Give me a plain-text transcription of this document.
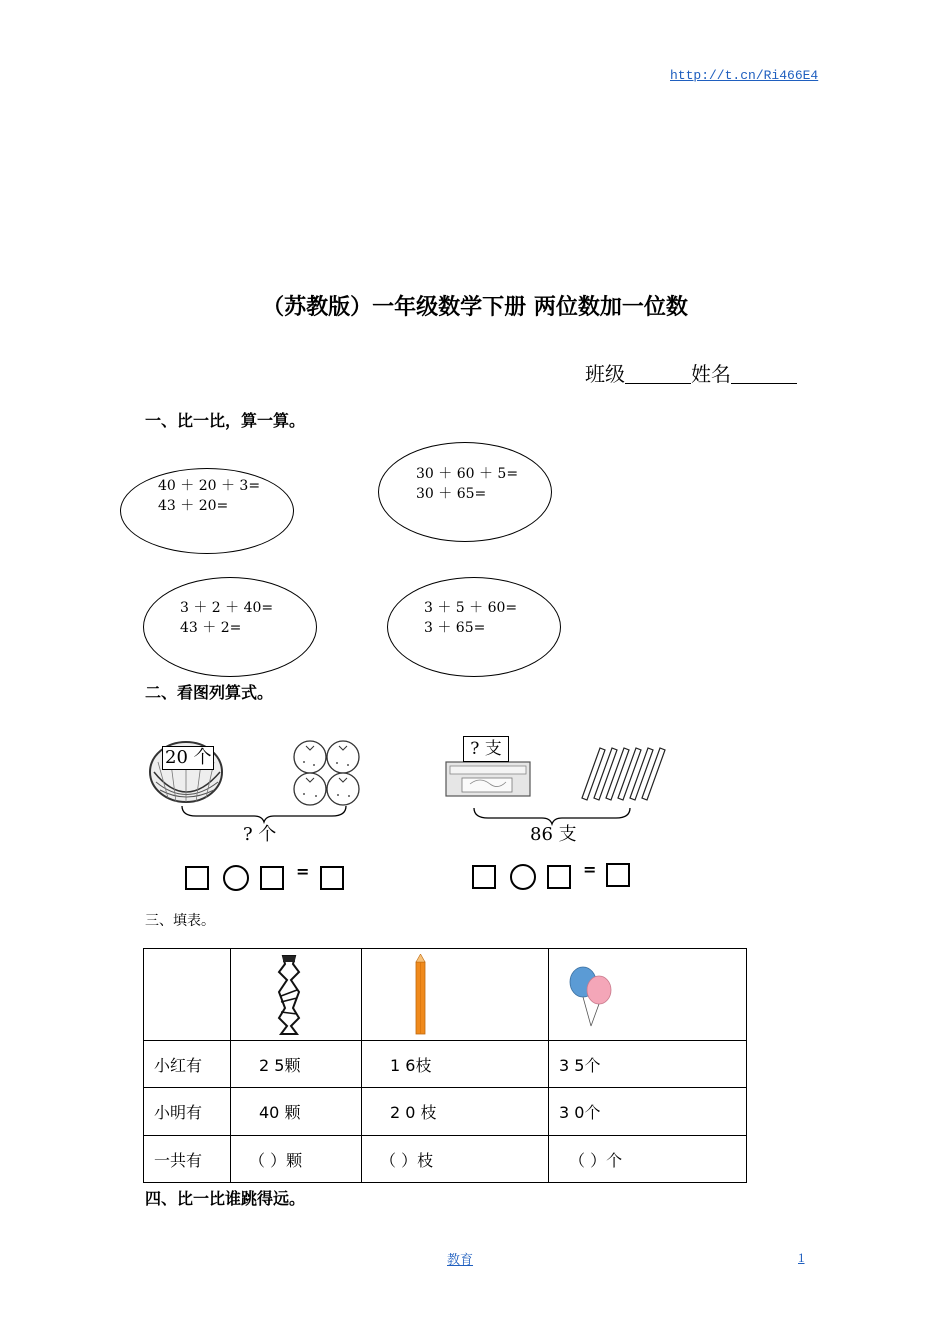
http://t.cn/Ri466E4
（苏教版）一年级数学下册 两位数加一位数
班级	姓名
一、比一比，算一算。
40 ＋ 20 ＋ 3=
43 ＋ 20=
30 ＋ 60 ＋ 5=
30 ＋ 65=
3 ＋ 2 ＋ 40=
43 ＋ 2=
3 ＋ 5 ＋ 60=
3 ＋ 65=
二、看图列算式。
20 个
? 个
=
? 支
86 支
=
三、填表。

小红有	2 5颗	1 6枝	3 5个
小明有	40 颗	2 0 枝	3 0个
一共有	（ ）颗	（ ）枝	（ ）个
四、比一比谁跳得远。
教育	1
